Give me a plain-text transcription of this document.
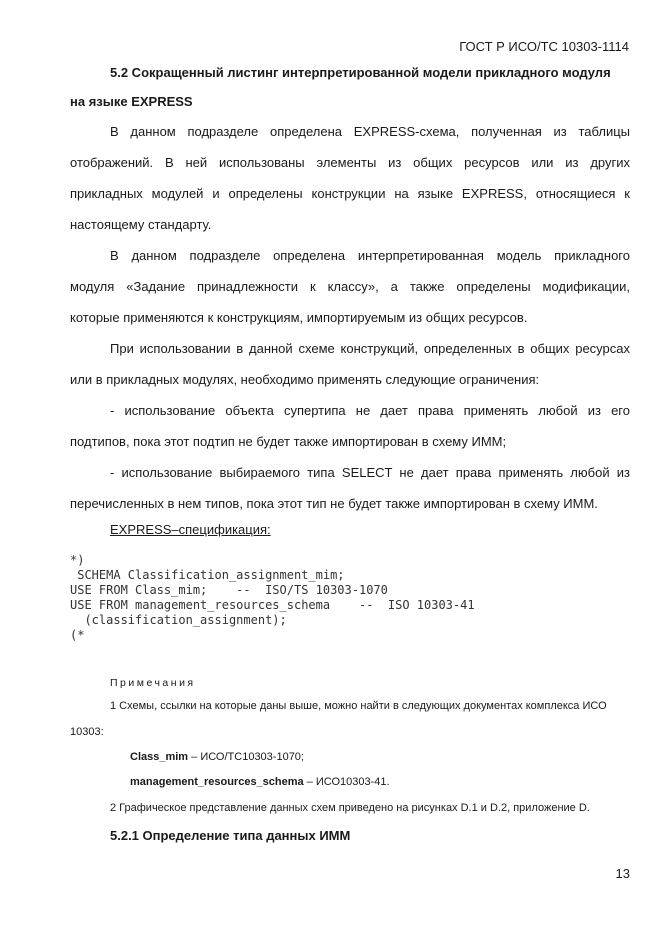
ГОСТ Р ИСО/ТС 10303-1114
5.2 Сокращенный листинг интерпретированной модели прикладного модуля
на языке EXPRESS
В данном подразделе определена EXPRESS-схема, полученная из таблицы
отображений. В ней использованы элементы из общих ресурсов или из других
прикладных модулей и определены конструкции на языке EXPRESS, относящиеся к
настоящему стандарту.
В данном подразделе определена интерпретированная модель прикладного
модуля «Задание принадлежности к классу», а также определены модификации,
которые применяются к конструкциям, импортируемым из общих ресурсов.
При использовании в данной схеме конструкций, определенных в общих ресурсах
или в прикладных модулях, необходимо применять следующие ограничения:
- использование объекта супертипа не дает права применять любой из его
подтипов, пока этот подтип не будет также импортирован в схему ИММ;
- использование выбираемого типа SELECT не дает права применять любой из
перечисленных в нем типов, пока этот тип не будет также импортирован в схему ИММ.
EXPRESS–спецификация:
*)
SCHEMA Classification_assignment_mim;
USE FROM Class_mim;    --  ISO/TS 10303-1070
USE FROM management_resources_schema    --  ISO 10303-41
(classification_assignment);
(*
Примечания
1 Схемы, ссылки на которые даны выше, можно найти в следующих документах комплекса ИСО
10303:
Class_mim – ИСО/ТС10303-1070;
management_resources_schema – ИСО10303-41.
2 Графическое представление данных схем приведено на рисунках D.1 и D.2, приложение D.
5.2.1 Определение типа данных ИММ
13
